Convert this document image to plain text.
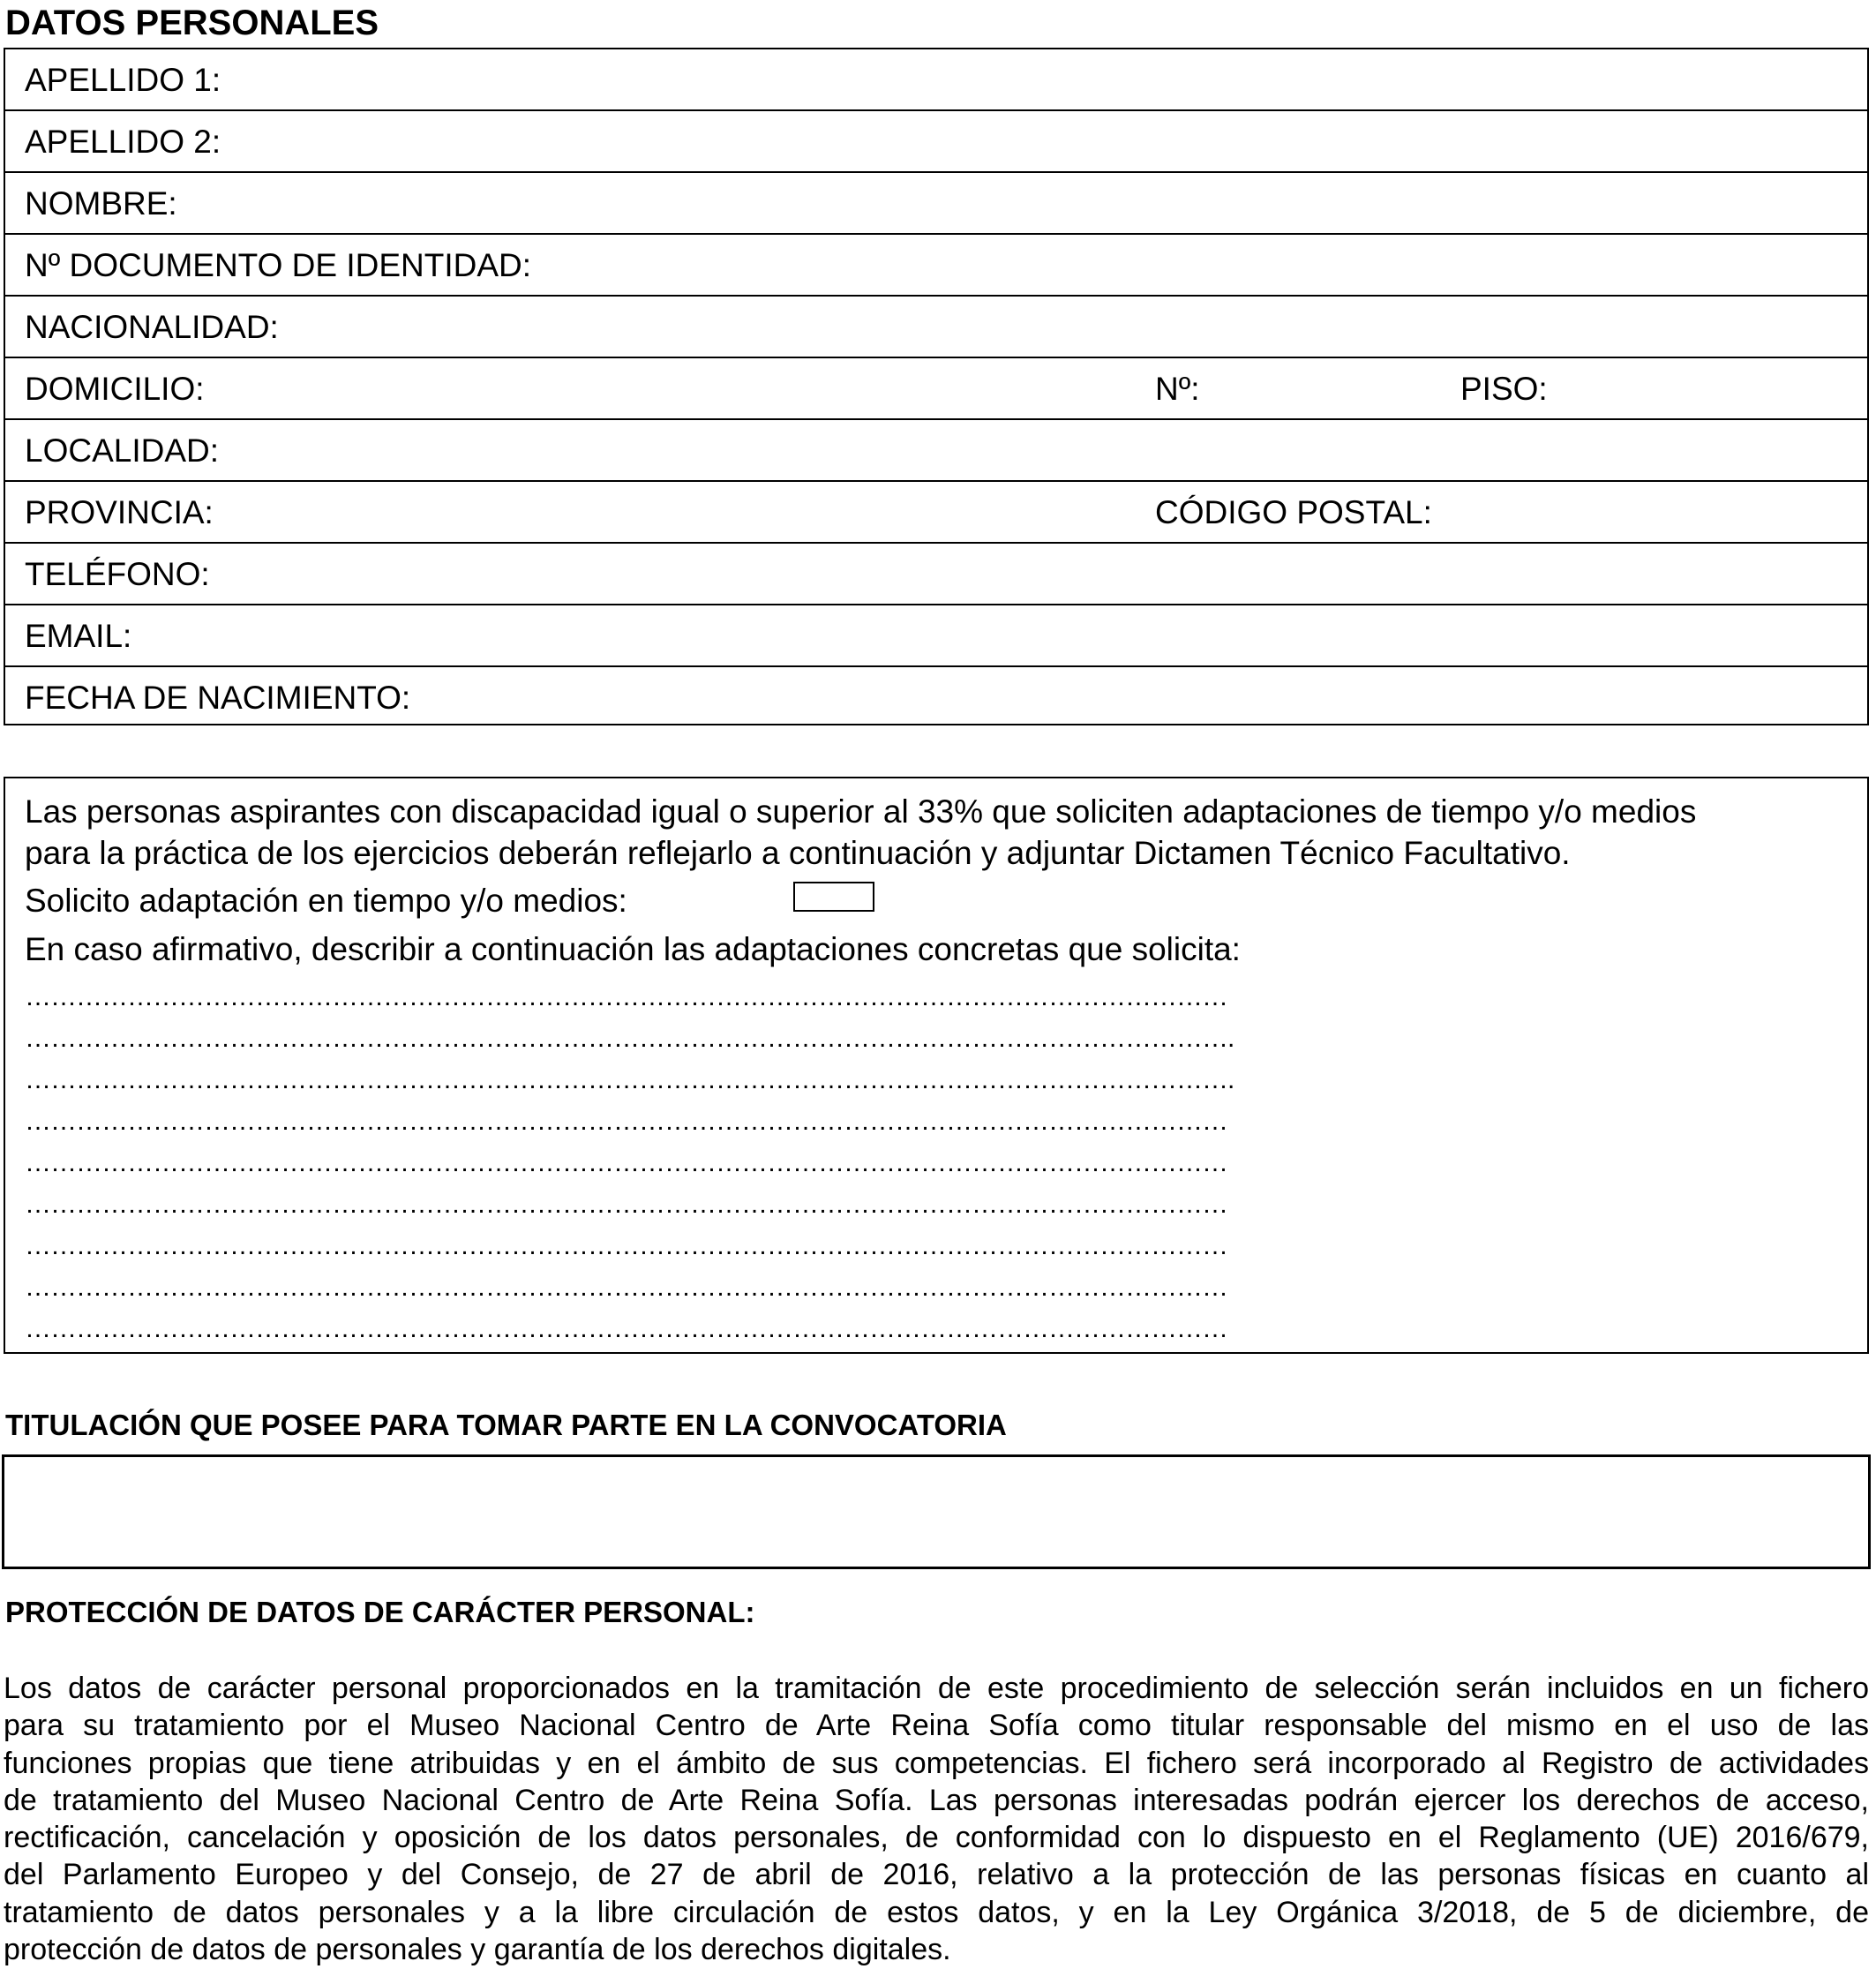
DATOS PERSONALES
APELLIDO 1:
APELLIDO 2:
NOMBRE:
Nº DOCUMENTO DE IDENTIDAD:
NACIONALIDAD:
DOMICILIO:	Nº:	PISO:
LOCALIDAD:
PROVINCIA:	CÓDIGO POSTAL:
TELÉFONO:
EMAIL:
FECHA DE NACIMIENTO:
Las personas aspirantes con discapacidad igual o superior al 33% que soliciten adaptaciones de tiempo y/o medios
para la práctica de los ejercicios deberán reflejarlo a continuación y adjuntar Dictamen Técnico Facultativo.
Solicito adaptación en tiempo y/o medios:
En caso afirmativo, describir a continuación las adaptaciones concretas que solicita:
……………………………………………………………………………………………………………………………
…………………………………………………………………………………………………………………………….
…………………………………………………………………………………………………………………………….
……………………………………………………………………………………………………………………………
……………………………………………………………………………………………………………………………
……………………………………………………………………………………………………………………………
……………………………………………………………………………………………………………………………
……………………………………………………………………………………………………………………………
……………………………………………………………………………………………………………………………
TITULACIÓN QUE POSEE PARA TOMAR PARTE EN LA CONVOCATORIA
PROTECCIÓN DE DATOS DE CARÁCTER PERSONAL:
Los datos de carácter personal proporcionados en la tramitación de este procedimiento de selección serán incluidos en un fichero
para su tratamiento por el Museo Nacional Centro de Arte Reina Sofía como titular responsable del mismo en el uso de las
funciones propias que tiene atribuidas y en el ámbito de sus competencias. El fichero será incorporado al Registro de actividades
de tratamiento del Museo Nacional Centro de Arte Reina Sofía. Las personas interesadas podrán ejercer los derechos de acceso,
rectificación, cancelación y oposición de los datos personales, de conformidad con lo dispuesto en el Reglamento (UE) 2016/679,
del Parlamento Europeo y del Consejo, de 27 de abril de 2016, relativo a la protección de las personas físicas en cuanto al
tratamiento de datos personales y a la libre circulación de estos datos, y en la Ley Orgánica 3/2018, de 5 de diciembre, de
protección de datos de personales y garantía de los derechos digitales.
